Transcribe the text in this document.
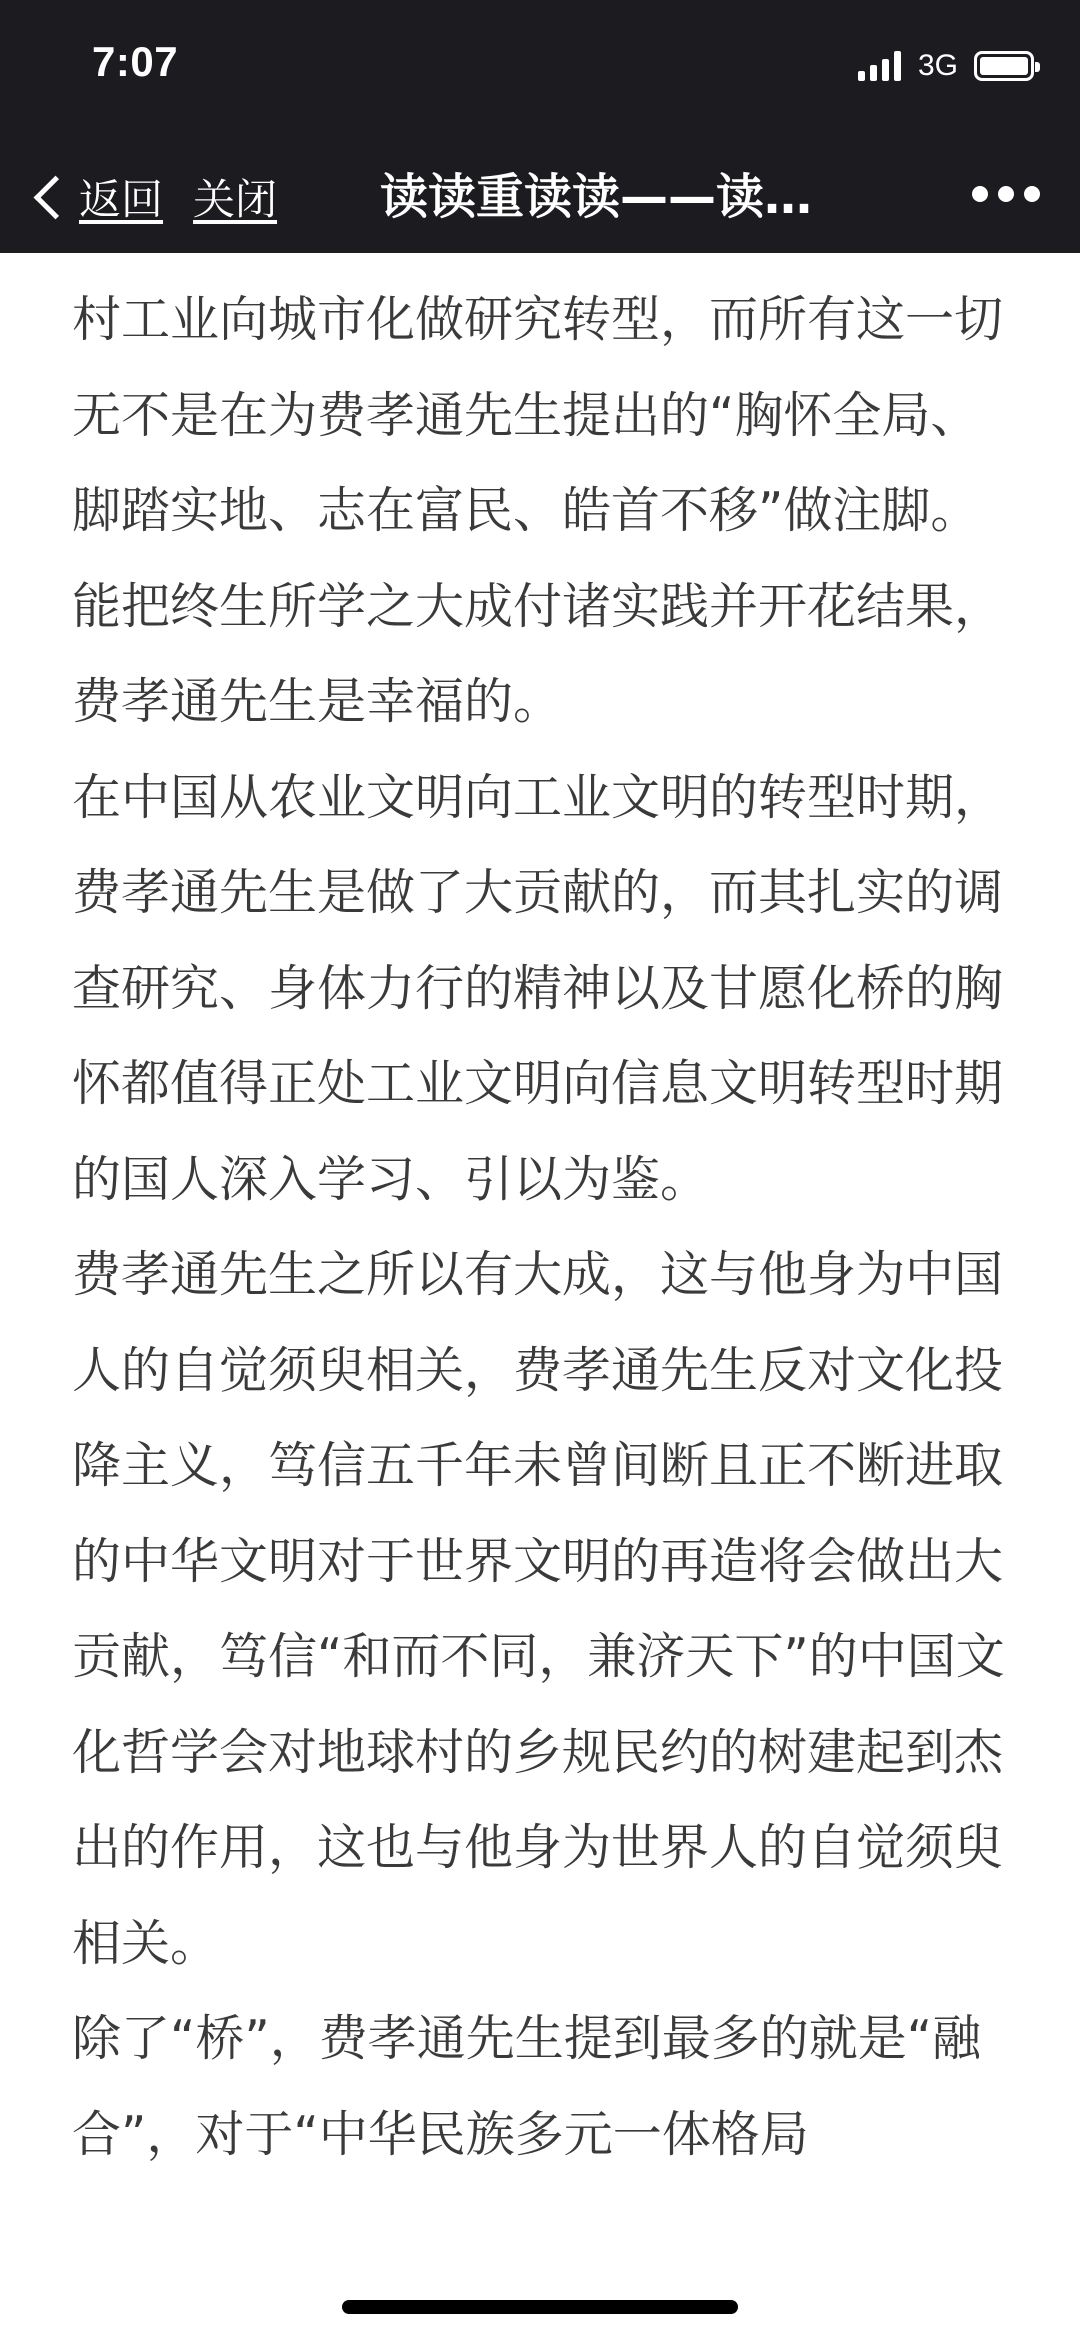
7:07	3G
返回 关闭 读读重读读——读…

村工业向城市化做研究转型，而所有这一切无不是在为费孝通先生提出的“胸怀全局、脚踏实地、志在富民、皓首不移”做注脚。

能把终生所学之大成付诸实践并开花结果，费孝通先生是幸福的。

在中国从农业文明向工业文明的转型时期，费孝通先生是做了大贡献的，而其扎实的调查研究、身体力行的精神以及甘愿化桥的胸怀都值得正处工业文明向信息文明转型时期的国人深入学习、引以为鉴。

费孝通先生之所以有大成，这与他身为中国人的自觉须臾相关，费孝通先生反对文化投降主义，笃信五千年未曾间断且正不断进取的中华文明对于世界文明的再造将会做出大贡献，笃信“和而不同，兼济天下”的中国文化哲学会对地球村的乡规民约的树建起到杰出的作用，这也与他身为世界人的自觉须臾相关。

除了“桥”，费孝通先生提到最多的就是“融合”，对于“中华民族多元一体格局
